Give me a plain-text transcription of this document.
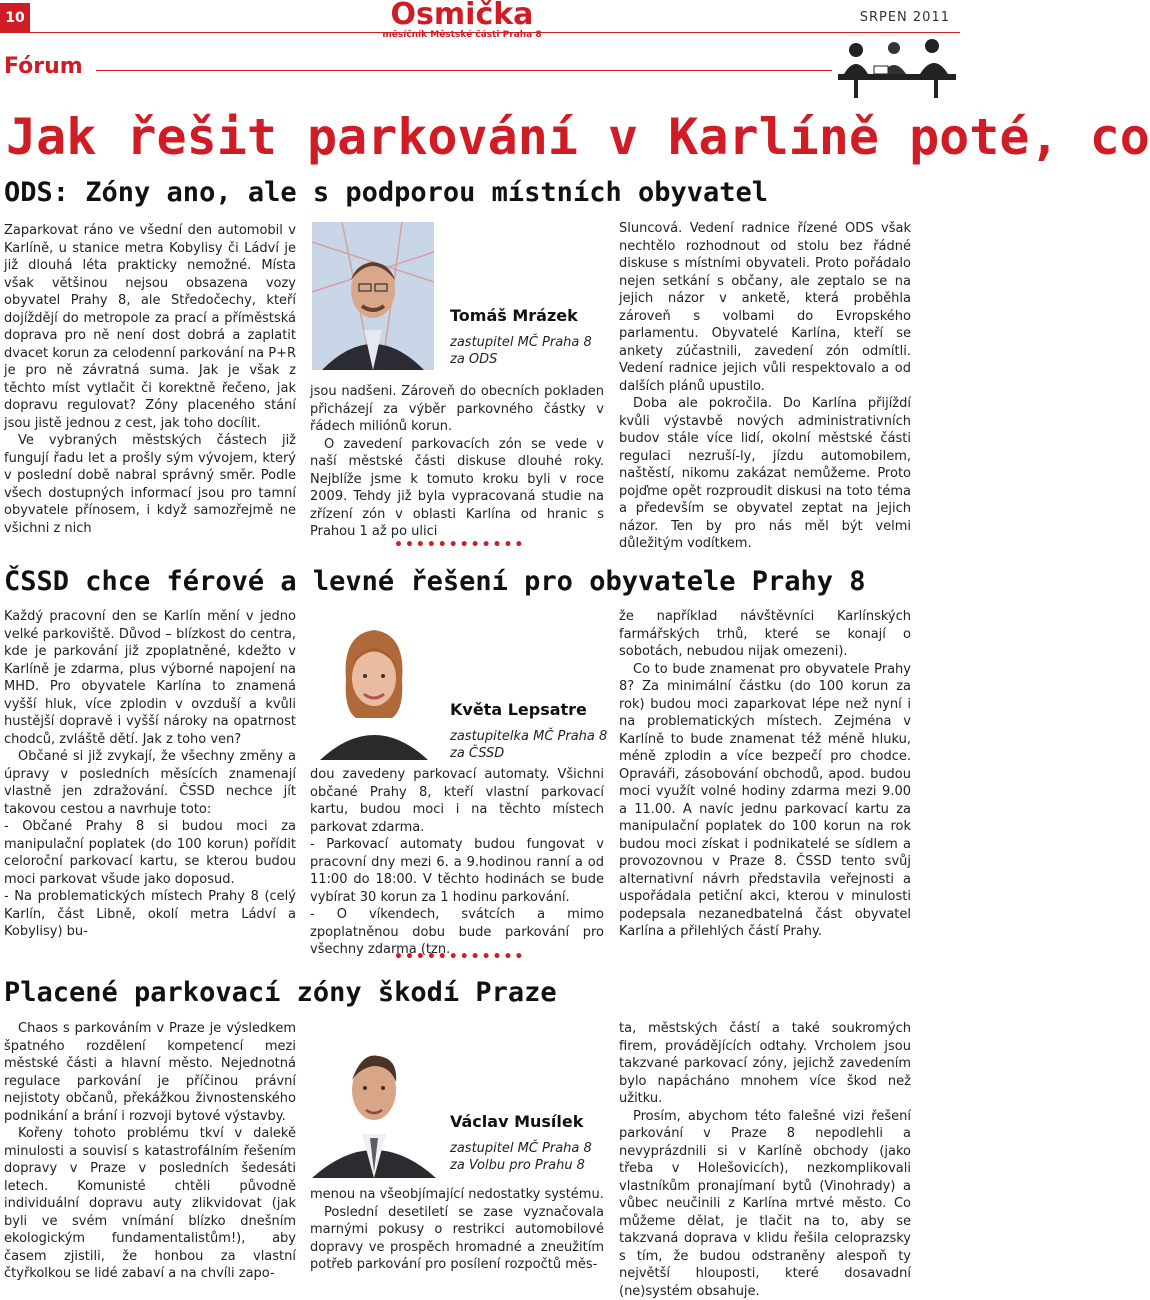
10	Osmička
měsíčník Městské části Praha 8
SRPEN 2011
Fórum
Jak řešit parkování v Karlíně poté, co
ODS: Zóny ano, ale s podporou místních obyvatel

Zaparkovat ráno ve všední den automobil v Karlíně, u stanice metra Kobylisy či Ládví je již dlouhá léta prakticky nemožné. Místa však většinou nejsou obsazena vozy obyvatel Prahy 8, ale Středočechy, kteří dojíždějí do metropole za prací a příměstská doprava pro ně není dost dobrá a zaplatit dvacet korun za celodenní parkování na P+R je pro ně závratná suma. Jak je však z těchto míst vytlačit či korektně řečeno, jak dopravu regulovat? Zóny placeného stání jsou jistě jednou z cest, jak toho docílit.

Ve vybraných městských částech již fungují řadu let a prošly sým vývojem, který v poslední době nabral správný směr. Podle všech dostupných informací jsou pro tamní obyvatele přínosem, i když samozřejmě ne všichni z nich

Tomáš Mrázek
zastupitel MČ Praha 8
za ODS

jsou nadšeni. Zároveň do obecních pokladen přicházejí za výběr parkovného částky v řádech miliónů korun.

O zavedení parkovacích zón se vede v naší městské části diskuse dlouhé roky. Nejblíže jsme k tomuto kroku byli v roce 2009. Tehdy již byla vypracovaná studie na zřízení zón v oblasti Karlína od hranic s Prahou 1 až po ulici

Sluncová. Vedení radnice řízené ODS však nechtělo rozhodnout od stolu bez řádné diskuse s místními obyvateli. Proto pořádalo nejen setkání s občany, ale zeptalo se na jejich názor v anketě, která proběhla zároveň s volbami do Evropského parlamentu. Obyvatelé Karlína, kteří se ankety zúčastnili, zavedení zón odmítli. Vedení radnice jejich vůli respektovalo a od dalších plánů upustilo.

Doba ale pokročila. Do Karlína přijíždí kvůli výstavbě nových administrativních budov stále více lidí, okolní městské části regulaci nezruší-ly, jízdu automobilem, naštěstí, nikomu zakázat nemůžeme. Proto pojďme opět rozproudit diskusi na toto téma a především se obyvatel zeptat na jejich názor. Ten by pro nás měl být velmi důležitým vodítkem.

••••••••••••
ČSSD chce férové a levné řešení pro obyvatele Prahy 8

Každý pracovní den se Karlín mění v jedno velké parkoviště. Důvod – blízkost do centra, kde je parkování již zpoplatněné, kdežto v Karlíně je zdarma, plus výborné napojení na MHD. Pro obyvatele Karlína to znamená vyšší hluk, více zplodin v ovzduší a kvůli hustější dopravě i vyšší nároky na opatrnost chodců, zvláště dětí. Jak z toho ven?

Občané si již zvykají, že všechny změny a úpravy v posledních měsících znamenají vlastně jen zdražování. ČSSD nechce jít takovou cestou a navrhuje toto:

- Občané Prahy 8 si budou moci za manipulační poplatek (do 100 korun) pořídit celoroční parkovací kartu, se kterou budou moci parkovat všude jako doposud.

- Na problematických místech Prahy 8 (celý Karlín, část Libně, okolí metra Ládví a Kobylisy) bu-

Květa Lepsatre
zastupitelka MČ Praha 8
za ČSSD

dou zavedeny parkovací automaty. Všichni občané Prahy 8, kteří vlastní parkovací kartu, budou moci i na těchto místech parkovat zdarma.

- Parkovací automaty budou fungovat v pracovní dny mezi 6. a 9.hodinou ranní a od 11:00 do 18:00. V těchto hodinách se bude vybírat 30 korun za 1 hodinu parkování.

- O víkendech, svátcích a mimo zpoplatněnou dobu bude parkování pro všechny zdarma (tzn.

že například návštěvníci Karlínských farmářských trhů, které se konají o sobotách, nebudou nijak omezeni).

Co to bude znamenat pro obyvatele Prahy 8? Za minimální částku (do 100 korun za rok) budou moci zaparkovat lépe než nyní i na problematických místech. Zejména v Karlíně to bude znamenat též méně hluku, méně zplodin a více bezpečí pro chodce. Opraváři, zásobování obchodů, apod. budou moci využít volné hodiny zdarma mezi 9.00 a 11.00. A navíc jednu parkovací kartu za manipulační poplatek do 100 korun na rok budou moci získat i podnikatelé se sídlem a provozovnou v Praze 8. ČSSD tento svůj alternativní návrh představila veřejnosti a uspořádala petiční akci, kterou v minulosti podepsala nezanedbatelná část obyvatel Karlína a přilehlých částí Prahy.

••••••••••••
Placené parkovací zóny škodí Praze

Chaos s parkováním v Praze je výsledkem špatného rozdělení kompetencí mezi městské části a hlavní město. Nejednotná regulace parkování je příčinou právní nejistoty občanů, překážkou živnostenského podnikání a brání i rozvoji bytové výstavby.

Kořeny tohoto problému tkví v dalekě minulosti a souvisí s katastrofálním řešením dopravy v Praze v posledních šedesáti letech. Komunisté chtěli původně individuální dopravu auty zlikvidovat (jak byli ve svém vnímání blízko dnešním ekologickým fundamentalistům!), aby časem zjistili, že honbou za vlastní čtyřkolkou se lidé zabaví a na chvíli zapo-

Václav Musílek
zastupitel MČ Praha 8
za Volbu pro Prahu 8

menou na všeobjímající nedostatky systému.

Poslední desetiletí se zase vyznačovala marnými pokusy o restrikci automobilové dopravy ve prospěch hromadné a zneužitím potřeb parkování pro posílení rozpočtů měs-

ta, městských částí a také soukromých firem, provádějících odtahy. Vrcholem jsou takzvané parkovací zóny, jejichž zavedením bylo napácháno mnohem více škod než užitku.

Prosím, abychom této falešné vizi řešení parkování v Praze 8 nepodlehli a nevyprázdnili si v Karlíně obchody (jako třeba v Holešovicích), nezkomplikovali vlastníkům pronajímaní bytů (Vinohrady) a vůbec neučinili z Karlína mrtvé město. Co můžeme dělat, je tlačit na to, aby se takzvaná doprava v klidu řešila celoprazsky s tím, že budou odstraněny alespoň ty největší hlouposti, které dosavadní (ne)systém obsahuje.
